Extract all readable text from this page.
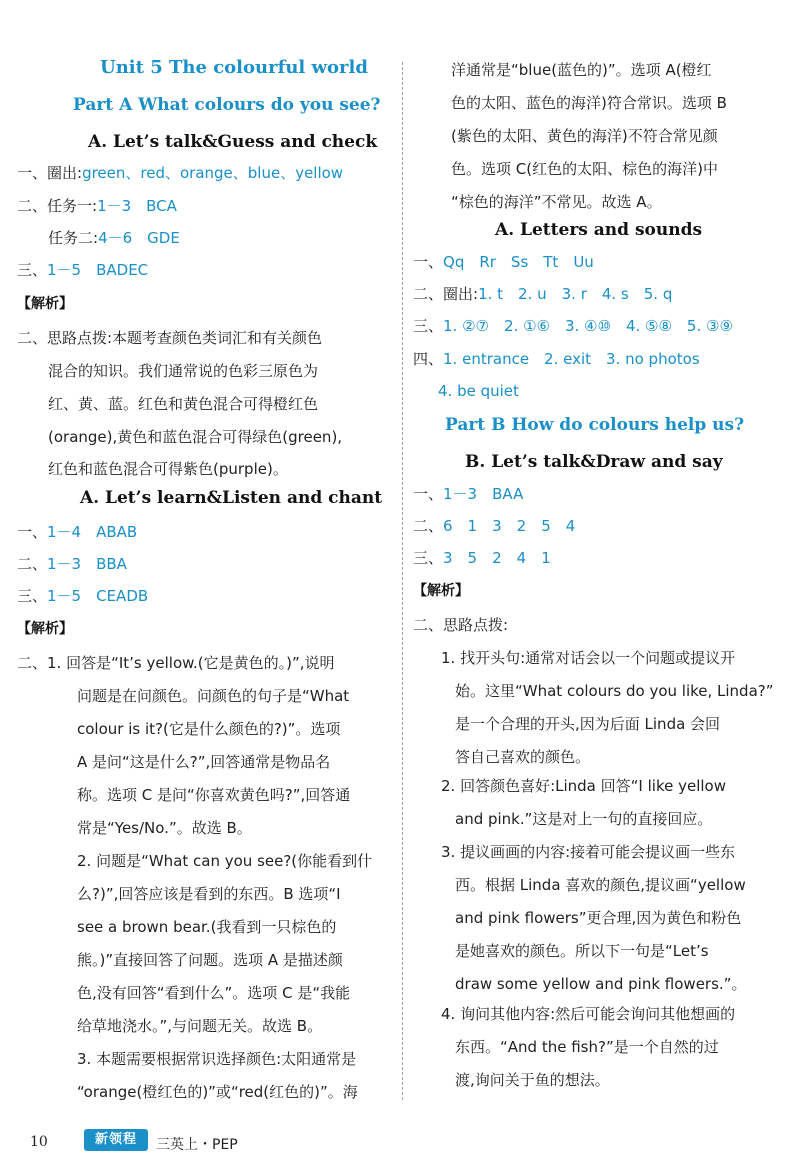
Unit 5 The colourful world
Part A What colours do you see?
A. Let’s talk&Guess and check
一、圈出:green、red、orange、blue、yellow
二、任务一:1－3　BCA
任务二:4－6　GDE
三、1－5　BADEC
【解析】
二、思路点拨:本题考查颜色类词汇和有关颜色
混合的知识。我们通常说的色彩三原色为
红、黄、蓝。红色和黄色混合可得橙红色
(orange),黄色和蓝色混合可得绿色(green),
红色和蓝色混合可得紫色(purple)。
A. Let’s learn&Listen and chant
一、1－4　ABAB
二、1－3　BBA
三、1－5　CEADB
【解析】
二、1. 回答是“It’s yellow.(它是黄色的。)”,说明
问题是在问颜色。问颜色的句子是“What
colour is it?(它是什么颜色的?)”。选项
A 是问“这是什么?”,回答通常是物品名
称。选项 C 是问“你喜欢黄色吗?”,回答通
常是“Yes/No.”。故选 B。
2. 问题是“What can you see?(你能看到什
么?)”,回答应该是看到的东西。B 选项“I
see a brown bear.(我看到一只棕色的
熊。)”直接回答了问题。选项 A 是描述颜
色,没有回答“看到什么”。选项 C 是“我能
给草地浇水。”,与问题无关。故选 B。
3. 本题需要根据常识选择颜色:太阳通常是
“orange(橙红色的)”或“red(红色的)”。海
洋通常是“blue(蓝色的)”。选项 A(橙红
色的太阳、蓝色的海洋)符合常识。选项 B
(紫色的太阳、黄色的海洋)不符合常见颜
色。选项 C(红色的太阳、棕色的海洋)中
“棕色的海洋”不常见。故选 A。
A. Letters and sounds
一、Qq　Rr　Ss　Tt　Uu
二、圈出:1. t　2. u　3. r　4. s　5. q
三、1. ②⑦　2. ①⑥　3. ④⑩　4. ⑤⑧　5. ③⑨
四、1. entrance　2. exit　3. no photos
4. be quiet
Part B How do colours help us?
B. Let’s talk&Draw and say
一、1－3　BAA
二、6　1　3　2　5　4
三、3　5　2　4　1
【解析】
二、思路点拨:
1. 找开头句:通常对话会以一个问题或提议开
始。这里“What colours do you like, Linda?”
是一个合理的开头,因为后面 Linda 会回
答自己喜欢的颜色。
2. 回答颜色喜好:Linda 回答“I like yellow
and pink.”这是对上一句的直接回应。
3. 提议画画的内容:接着可能会提议画一些东
西。根据 Linda 喜欢的颜色,提议画“yellow
and pink flowers”更合理,因为黄色和粉色
是她喜欢的颜色。所以下一句是“Let’s
draw some yellow and pink flowers.”。
4. 询问其他内容:然后可能会询问其他想画的
东西。“And the fish?”是一个自然的过
渡,询问关于鱼的想法。
10	新领程	三英上・PEP
